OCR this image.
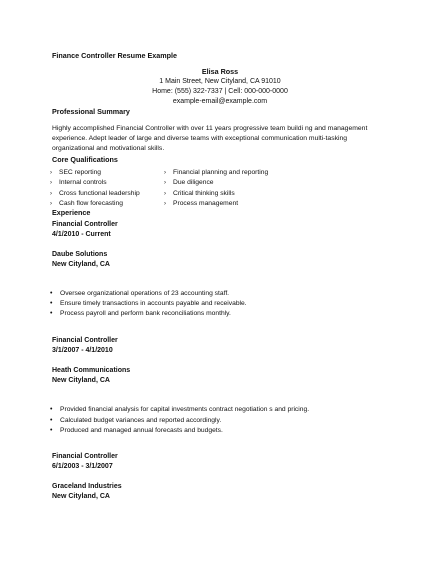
Finance Controller Resume Example
Elisa Ross
1 Main Street, New Cityland, CA 91010
Home: (555) 322-7337 | Cell: 000-000-0000
example-email@example.com
Professional Summary
Highly accomplished Financial Controller with over 11 years progressive team buildi ng and management
experience. Adept leader of large and diverse teams with exceptional communication multi-tasking
organizational and motivational skills.
Core Qualifications
› SEC reporting
› Internal controls
› Cross functional leadership
› Cash flow forecasting
› Financial planning and reporting
› Due diligence
› Critical thinking skills
› Process management
Experience
Financial Controller
4/1/2010 - Current
Daube Solutions
New Cityland, CA
• Oversee organizational operations of 23 accounting staff.
• Ensure timely transactions in accounts payable and receivable.
• Process payroll and perform bank reconciliations monthly.
Financial Controller
3/1/2007 - 4/1/2010
Heath Communications
New Cityland, CA
• Provided financial analysis for capital investments contract negotiation s and pricing.
• Calculated budget variances and reported accordingly.
• Produced and managed annual forecasts and budgets.
Financial Controller
6/1/2003 - 3/1/2007
Graceland Industries
New Cityland, CA
